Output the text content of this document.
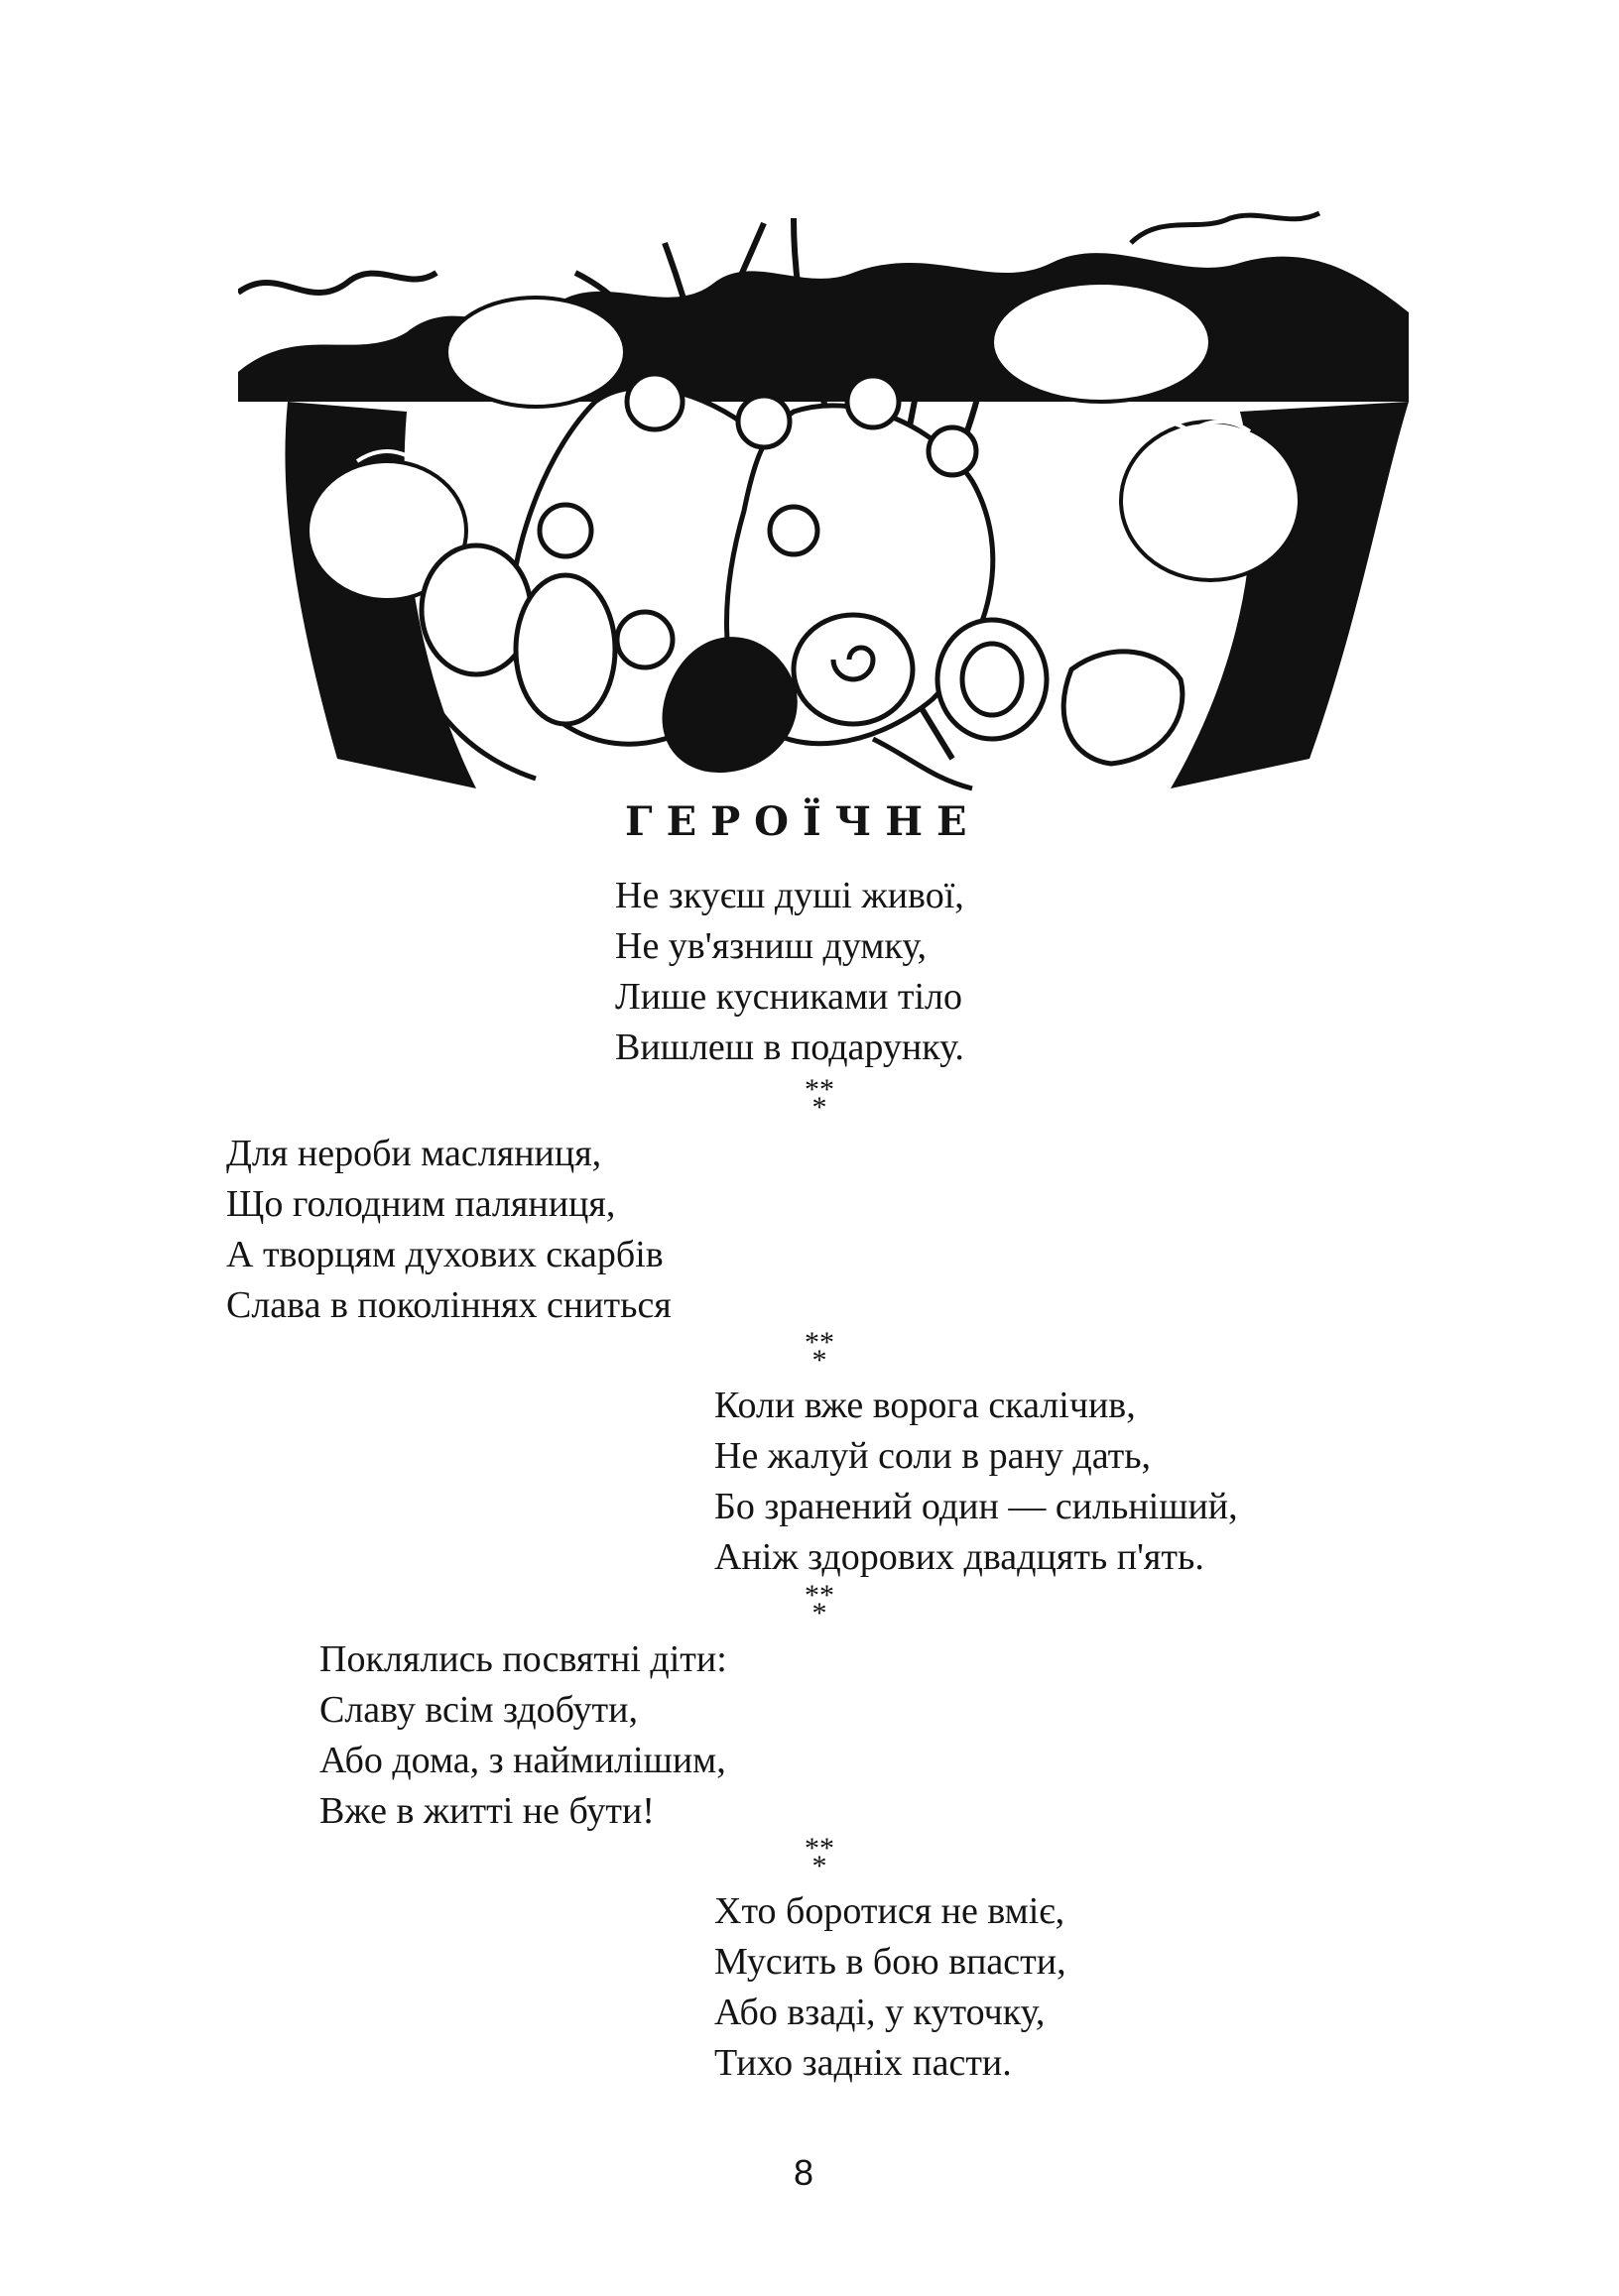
ГЕРОЇЧНЕ
Не зкуєш душі живої,
Не ув'язниш думку,
Лише кусниками тіло
Вишлеш в подарунку.
**
*
Для нероби масляниця,
Що голодним паляниця,
А творцям духових скарбів
Слава в поколіннях сниться
**
*
Коли вже ворога скалічив,
Не жалуй соли в рану дать,
Бо зранений один — сильніший,
Аніж здорових двадцять п'ять.
**
*
Поклялись посвятні діти:
Славу всім здобути,
Або дома, з наймилішим,
Вже в житті не бути!
**
*
Хто боротися не вміє,
Мусить в бою впасти,
Або взаді, у куточку,
Тихо задніх пасти.
8
